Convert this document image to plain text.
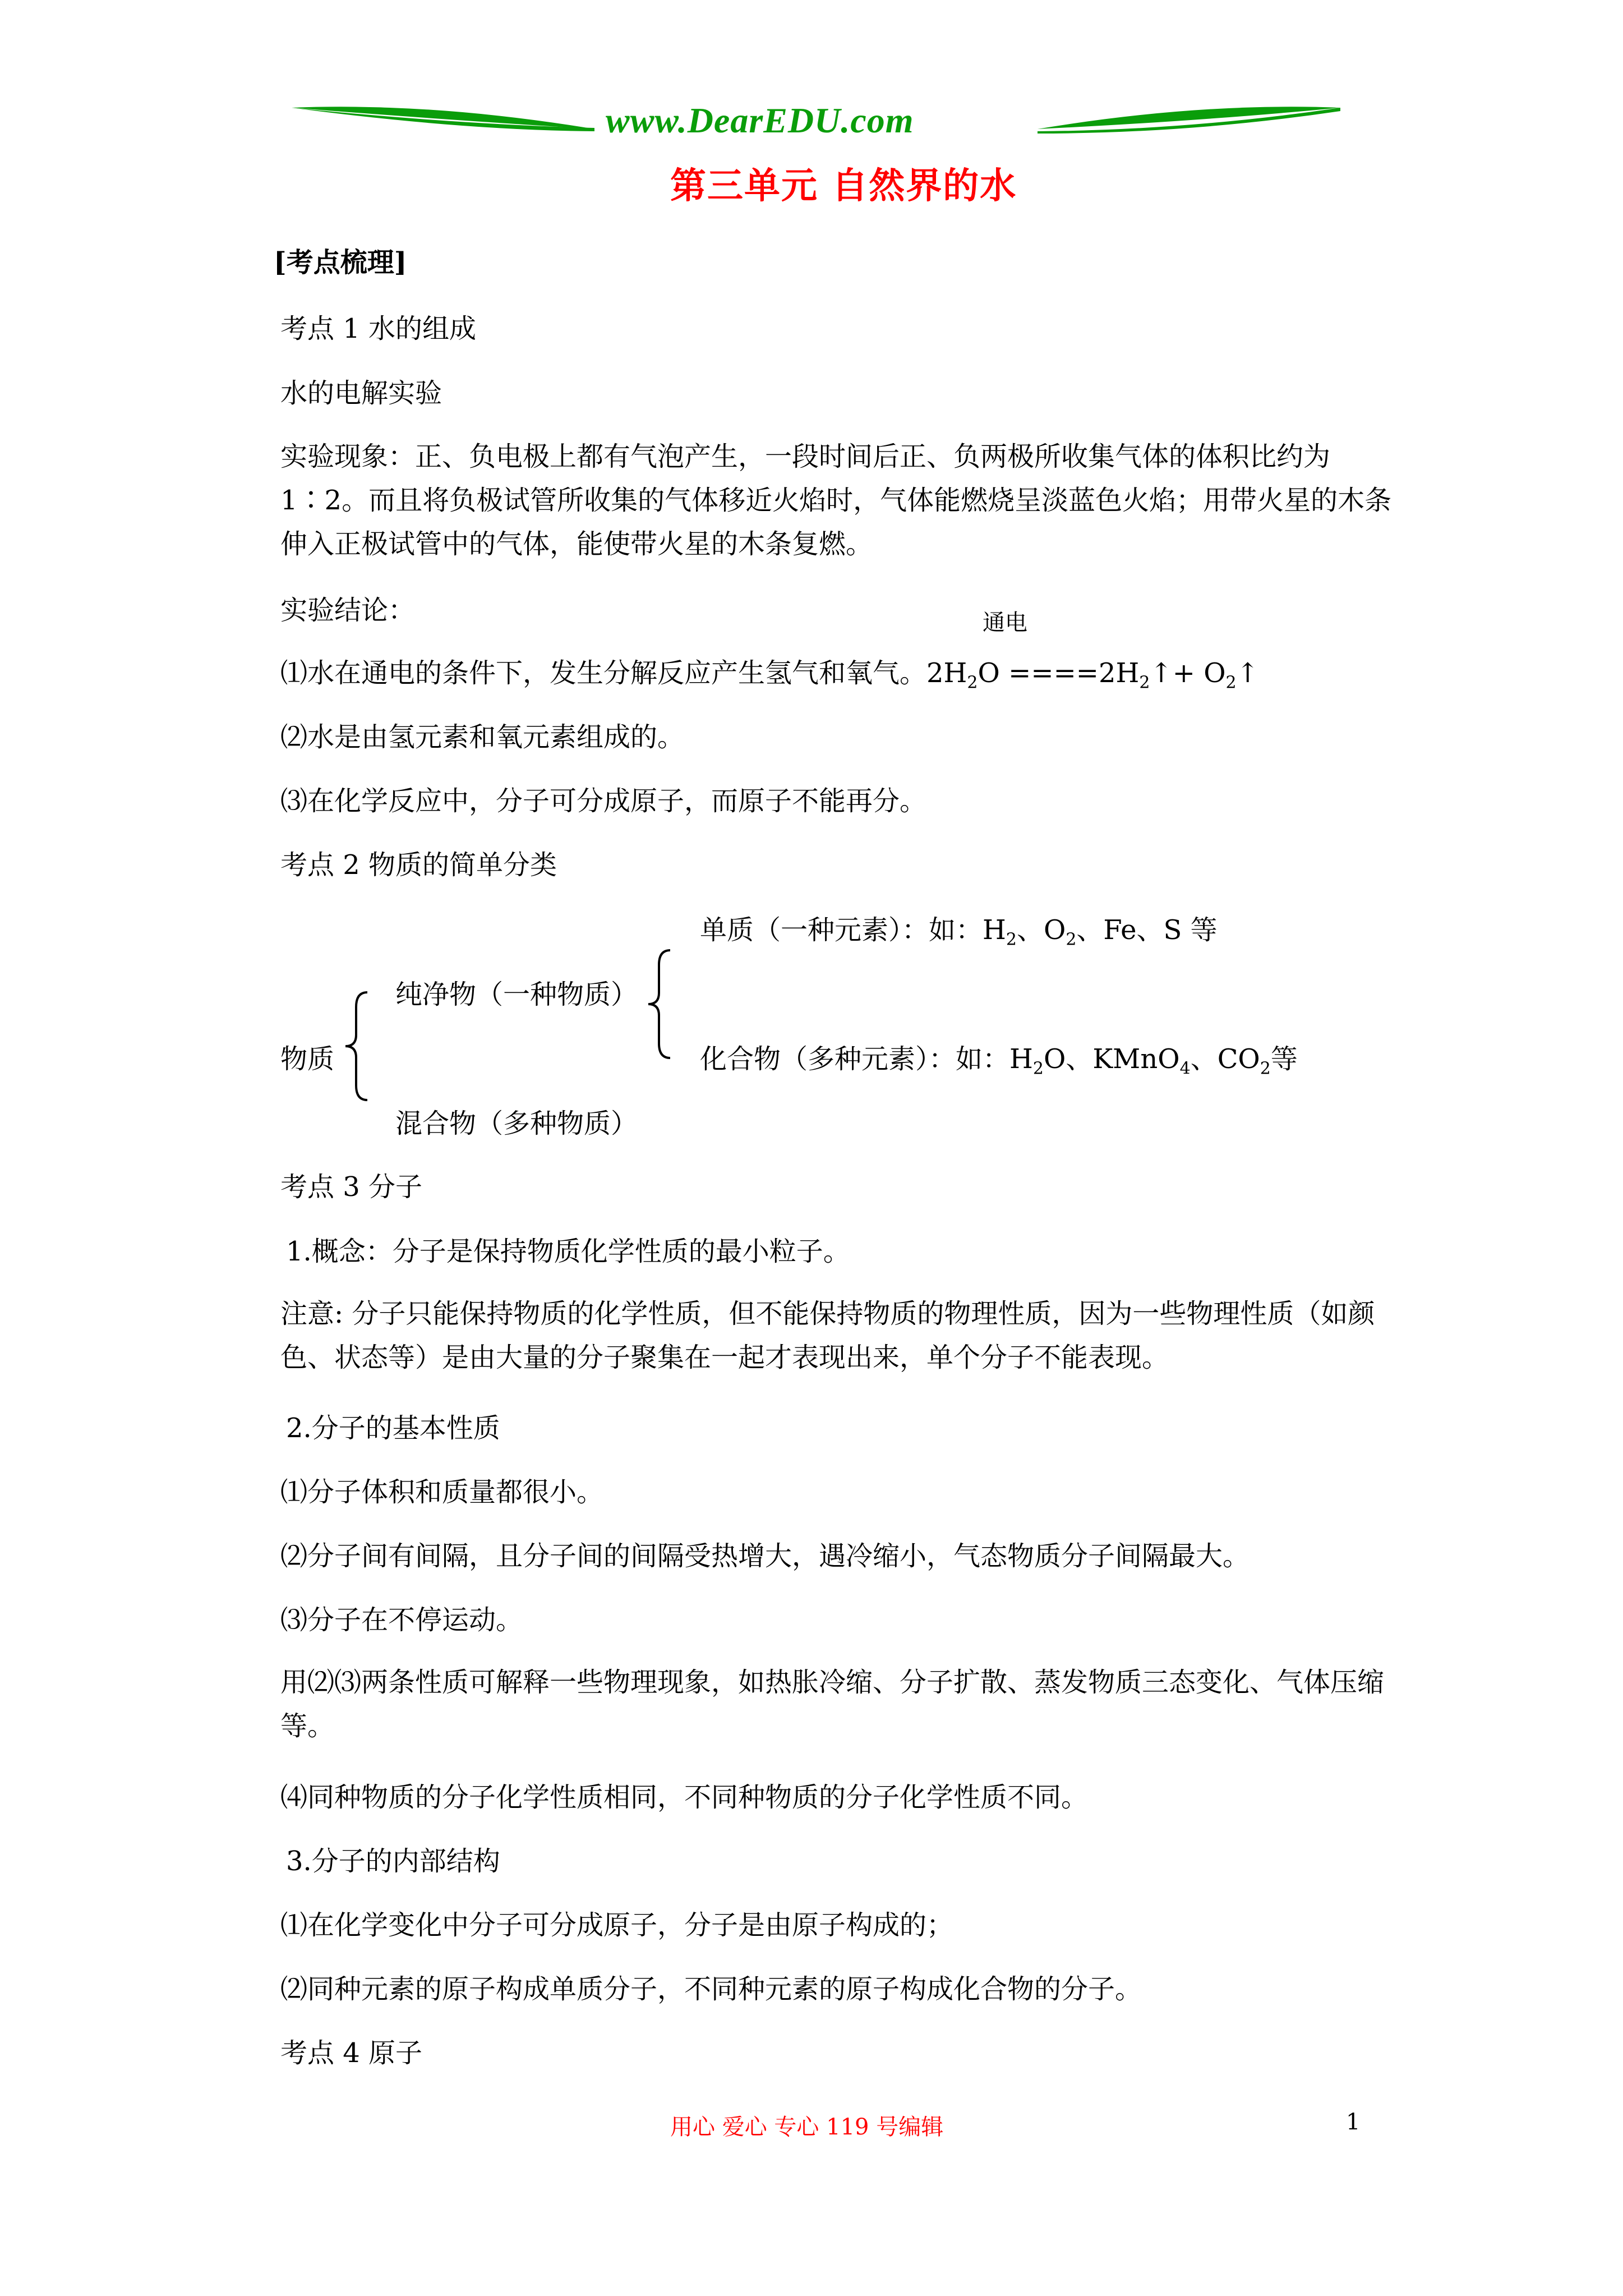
www.DearEDU.com
第三单元 自然界的水
[考点梳理]
考点 1 水的组成
水的电解实验
实验现象：正、负电极上都有气泡产生，一段时间后正、负两极所收集气体的体积比约为 1∶2。而且将负极试管所收集的气体移近火焰时，气体能燃烧呈淡蓝色火焰；用带火星的木条伸入正极试管中的气体，能使带火星的木条复燃。
实验结论：	通电
⑴水在通电的条件下，发生分解反应产生氢气和氧气。$2H_2O$ $====2H_2↑+$ $O_2↑$
⑵水是由氢元素和氧元素组成的。
⑶在化学反应中，分子可分成原子，而原子不能再分。
考点 2 物质的简单分类
单质（一种元素）：如：$H_2$、$O_2$、Fe、S 等
纯净物（一种物质）
物质	化合物（多种元素）：如：$H_2O$、KMnO$_4$、$CO_2$等
混合物（多种物质）
考点 3 分子
1.概念：分子是保持物质化学性质的最小粒子。
注意: 分子只能保持物质的化学性质，但不能保持物质的物理性质，因为一些物理性质（如颜色、状态等）是由大量的分子聚集在一起才表现出来，单个分子不能表现。
2.分子的基本性质
⑴分子体积和质量都很小。
⑵分子间有间隔，且分子间的间隔受热增大，遇冷缩小，气态物质分子间隔最大。
⑶分子在不停运动。
用⑵⑶两条性质可解释一些物理现象，如热胀冷缩、分子扩散、蒸发物质三态变化、气体压缩等。
⑷同种物质的分子化学性质相同，不同种物质的分子化学性质不同。
3.分子的内部结构
⑴在化学变化中分子可分成原子，分子是由原子构成的；
⑵同种元素的原子构成单质分子，不同种元素的原子构成化合物的分子。
考点 4 原子
用心 爱心 专心 119 号编辑	1
